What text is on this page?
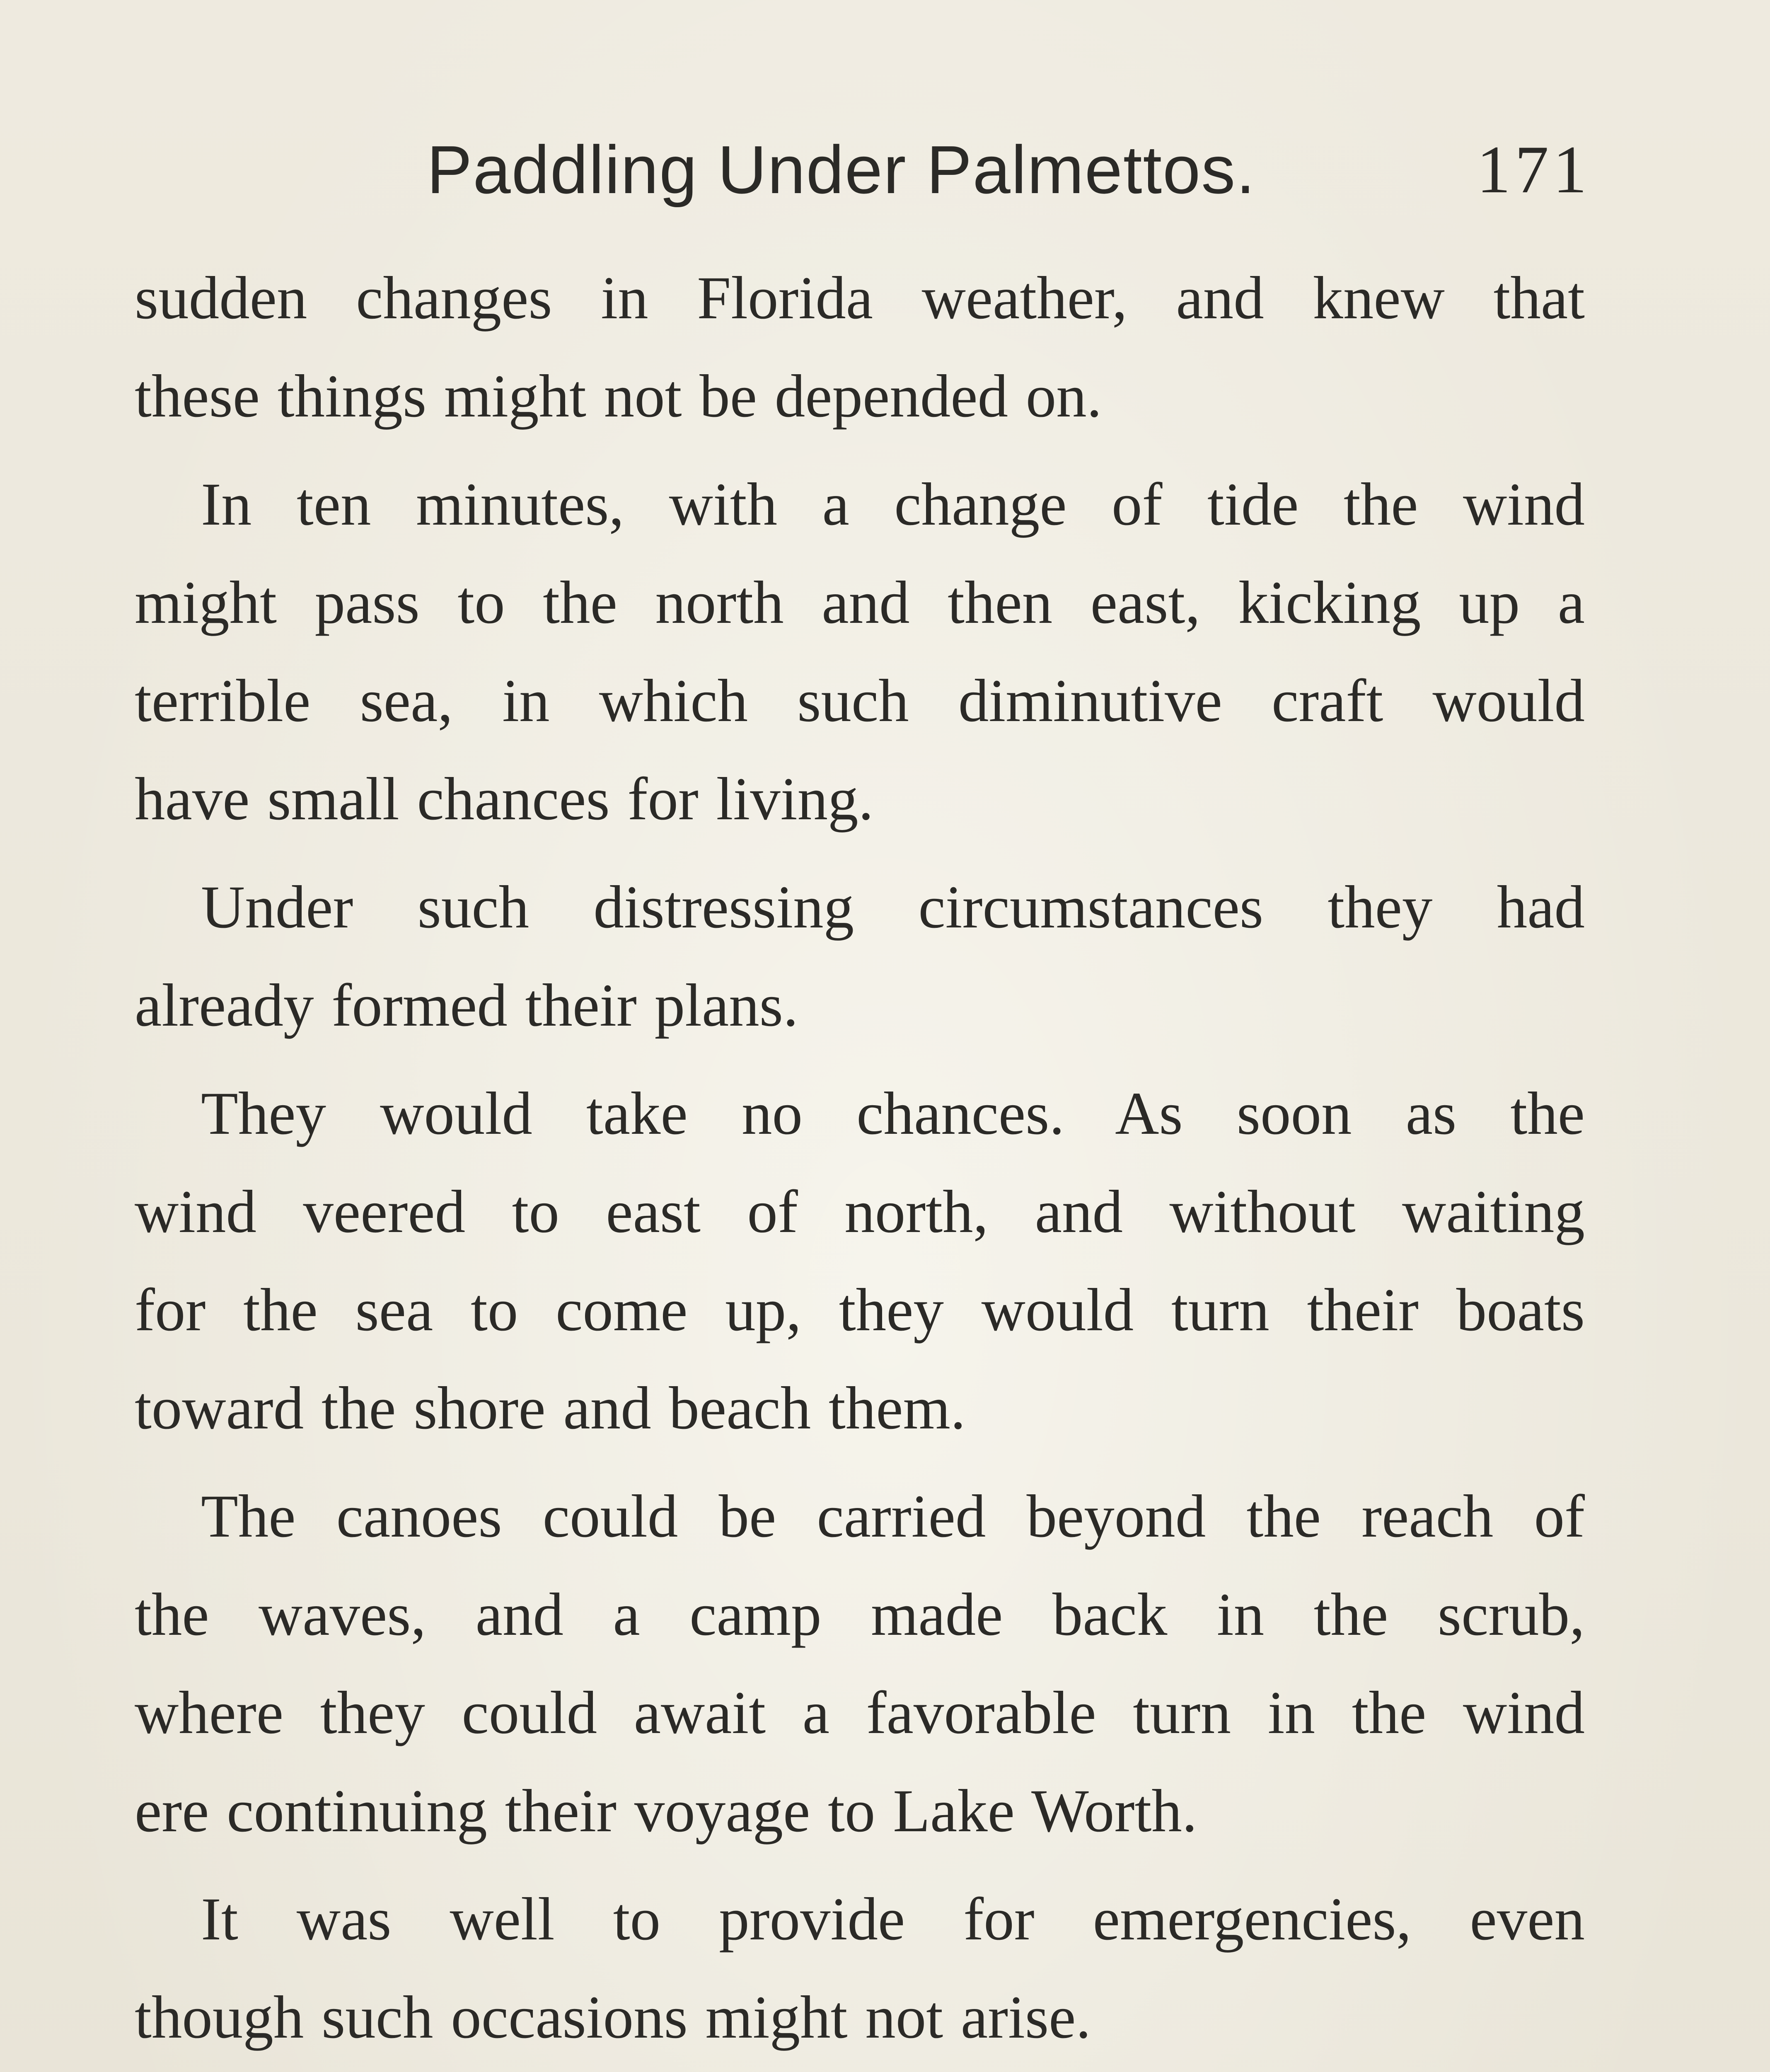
Paddling Under Palmettos.	171

sudden changes in Florida weather, and knew that
these things might not be depended on.

In ten minutes, with a change of tide the wind
might pass to the north and then east, kicking up a
terrible sea, in which such diminutive craft would
have small chances for living.

Under such distressing circumstances they had
already formed their plans.

They would take no chances. As soon as the
wind veered to east of north, and without waiting
for the sea to come up, they would turn their boats
toward the shore and beach them.

The canoes could be carried beyond the reach of
the waves, and a camp made back in the scrub,
where they could await a favorable turn in the wind
ere continuing their voyage to Lake Worth.

It was well to provide for emergencies, even
though such occasions might not arise.
